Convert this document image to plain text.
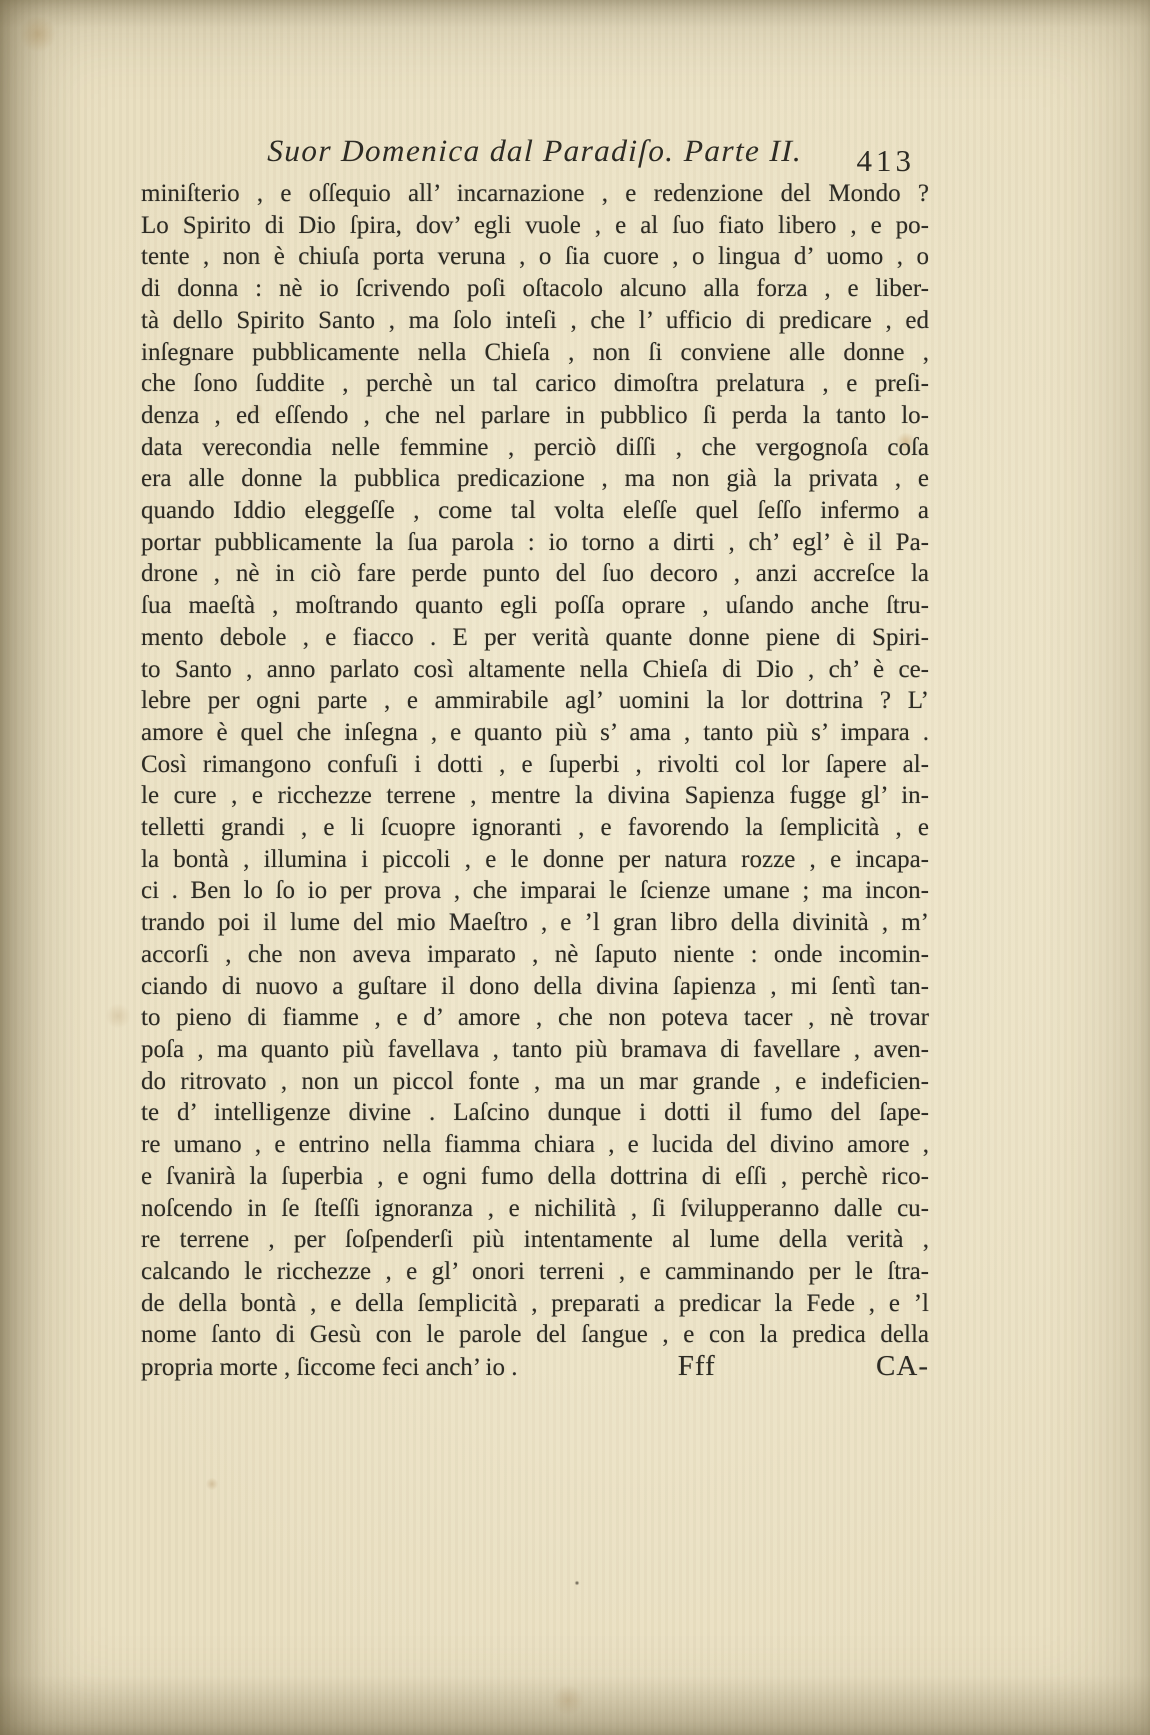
Suor Domenica dal Paradiſo. Parte II.	413
miniſterio , e oſſequio all’ incarnazione , e redenzione del Mondo ?
Lo Spirito di Dio ſpira, dov’ egli vuole , e al ſuo fiato libero , e po-
tente , non è chiuſa porta veruna , o ſia cuore , o lingua d’ uomo , o
di donna : nè io ſcrivendo poſi oſtacolo alcuno alla forza , e liber-
tà dello Spirito Santo , ma ſolo inteſi , che l’ ufficio di predicare , ed
inſegnare pubblicamente nella Chieſa , non ſi conviene alle donne ,
che ſono ſuddite , perchè un tal carico dimoſtra prelatura , e preſi-
denza , ed eſſendo , che nel parlare in pubblico ſi perda la tanto lo-
data verecondia nelle femmine , perciò diſſi , che vergognoſa coſa
era alle donne la pubblica predicazione , ma non già la privata , e
quando Iddio eleggeſſe , come tal volta eleſſe quel ſeſſo infermo a
portar pubblicamente la ſua parola : io torno a dirti , ch’ egl’ è il Pa-
drone , nè in ciò fare perde punto del ſuo decoro , anzi accreſce la
ſua maeſtà , moſtrando quanto egli poſſa oprare , uſando anche ſtru-
mento debole , e fiacco . E per verità quante donne piene di Spiri-
to Santo , anno parlato così altamente nella Chieſa di Dio , ch’ è ce-
lebre per ogni parte , e ammirabile agl’ uomini la lor dottrina ? L’
amore è quel che inſegna , e quanto più s’ ama , tanto più s’ impara .
Così rimangono confuſi i dotti , e ſuperbi , rivolti col lor ſapere al-
le cure , e ricchezze terrene , mentre la divina Sapienza fugge gl’ in-
telletti grandi , e li ſcuopre ignoranti , e favorendo la ſemplicità , e
la bontà , illumina i piccoli , e le donne per natura rozze , e incapa-
ci . Ben lo ſo io per prova , che imparai le ſcienze umane ; ma incon-
trando poi il lume del mio Maeſtro , e ’l gran libro della divinità , m’
accorſi , che non aveva imparato , nè ſaputo niente : onde incomin-
ciando di nuovo a guſtare il dono della divina ſapienza , mi ſentì tan-
to pieno di fiamme , e d’ amore , che non poteva tacer , nè trovar
poſa , ma quanto più favellava , tanto più bramava di favellare , aven-
do ritrovato , non un piccol fonte , ma un mar grande , e indeficien-
te d’ intelligenze divine . Laſcino dunque i dotti il fumo del ſape-
re umano , e entrino nella fiamma chiara , e lucida del divino amore ,
e ſvanirà la ſuperbia , e ogni fumo della dottrina di eſſi , perchè rico-
noſcendo in ſe ſteſſi ignoranza , e nichilità , ſi ſvilupperanno dalle cu-
re terrene , per ſoſpenderſi più intentamente al lume della verità ,
calcando le ricchezze , e gl’ onori terreni , e camminando per le ſtra-
de della bontà , e della ſemplicità , preparati a predicar la Fede , e ’l
nome ſanto di Gesù con le parole del ſangue , e con la predica della
propria morte , ſiccome feci anch’ io .	Fff	CA-
